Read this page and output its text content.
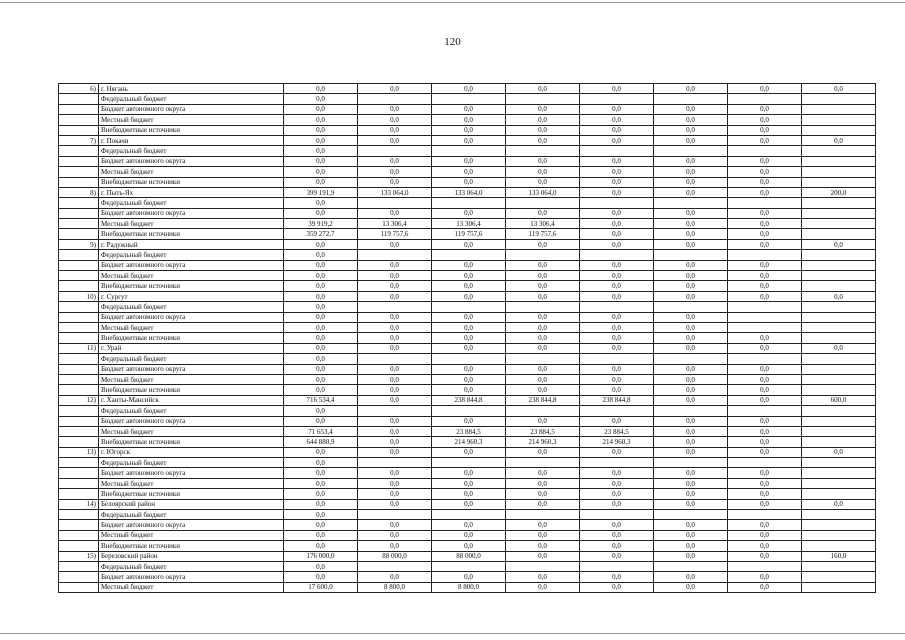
120
6)	г. Нягань	0,0	0,0	0,0	0,0	0,0	0,0	0,0	0,0
	Федеральный бюджет	0,0							
	Бюджет автономного округа	0,0	0,0	0,0	0,0	0,0	0,0	0,0	
	Местный бюджет	0,0	0,0	0,0	0,0	0,0	0,0	0,0	
	Внебюджетные источники	0,0	0,0	0,0	0,0	0,0	0,0	0,0	
7)	г. Покачи	0,0	0,0	0,0	0,0	0,0	0,0	0,0	0,0
	Федеральный бюджет	0,0							
	Бюджет автономного округа	0,0	0,0	0,0	0,0	0,0	0,0	0,0	
	Местный бюджет	0,0	0,0	0,0	0,0	0,0	0,0	0,0	
	Внебюджетные источники	0,0	0,0	0,0	0,0	0,0	0,0	0,0	
8)	г. Пыть-Ях	399 191,9	133 064,0	133 064,0	133 064,0	0,0	0,0	0,0	200,0
	Федеральный бюджет	0,0							
	Бюджет автономного округа	0,0	0,0	0,0	0,0	0,0	0,0	0,0	
	Местный бюджет	39 919,2	13 306,4	13 306,4	13 306,4	0,0	0,0	0,0	
	Внебюджетные источники	359 272,7	119 757,6	119 757,6	119 757,6	0,0	0,0	0,0	
9)	г. Радужный	0,0	0,0	0,0	0,0	0,0	0,0	0,0	0,0
	Федеральный бюджет	0,0							
	Бюджет автономного округа	0,0	0,0	0,0	0,0	0,0	0,0	0,0	
	Местный бюджет	0,0	0,0	0,0	0,0	0,0	0,0	0,0	
	Внебюджетные источники	0,0	0,0	0,0	0,0	0,0	0,0	0,0	
10)	г. Сургут	0,0	0,0	0,0	0,0	0,0	0,0	0,0	0,0
	Федеральный бюджет	0,0							
	Бюджет автономного округа	0,0	0,0	0,0	0,0	0,0	0,0		
	Местный бюджет	0,0	0,0	0,0	0,0	0,0	0,0		
	Внебюджетные источники	0,0	0,0	0,0	0,0	0,0	0,0	0,0	
11)	г. Урай	0,0	0,0	0,0	0,0	0,0	0,0	0,0	0,0
	Федеральный бюджет	0,0							
	Бюджет автономного округа	0,0	0,0	0,0	0,0	0,0	0,0	0,0	
	Местный бюджет	0,0	0,0	0,0	0,0	0,0	0,0	0,0	
	Внебюджетные источники	0,0	0,0	0,0	0,0	0,0	0,0	0,0	
12)	г. Ханты-Мансийск	716 534,4	0,0	238 844,8	238 844,8	238 844,8	0,0	0,0	600,0
	Федеральный бюджет	0,0							
	Бюджет автономного округа	0,0	0,0	0,0	0,0	0,0	0,0	0,0	
	Местный бюджет	71 653,4	0,0	23 884,5	23 884,5	23 884,5	0,0	0,0	
	Внебюджетные источники	644 880,9	0,0	214 960,3	214 960,3	214 960,3	0,0	0,0	
13)	г. Югорск	0,0	0,0	0,0	0,0	0,0	0,0	0,0	0,0
	Федеральный бюджет	0,0							
	Бюджет автономного округа	0,0	0,0	0,0	0,0	0,0	0,0	0,0	
	Местный бюджет	0,0	0,0	0,0	0,0	0,0	0,0	0,0	
	Внебюджетные источники	0,0	0,0	0,0	0,0	0,0	0,0	0,0	
14)	Белоярский район	0,0	0,0	0,0	0,0	0,0	0,0	0,0	0,0
	Федеральный бюджет	0,0							
	Бюджет автономного округа	0,0	0,0	0,0	0,0	0,0	0,0	0,0	
	Местный бюджет	0,0	0,0	0,0	0,0	0,0	0,0	0,0	
	Внебюджетные источники	0,0	0,0	0,0	0,0	0,0	0,0	0,0	
15)	Березовский район	176 000,0	88 000,0	88 000,0	0,0	0,0	0,0	0,0	160,0
	Федеральный бюджет	0,0							
	Бюджет автономного округа	0,0	0,0	0,0	0,0	0,0	0,0	0,0	
	Местный бюджет	17 600,0	8 800,0	8 800,0	0,0	0,0	0,0	0,0	
